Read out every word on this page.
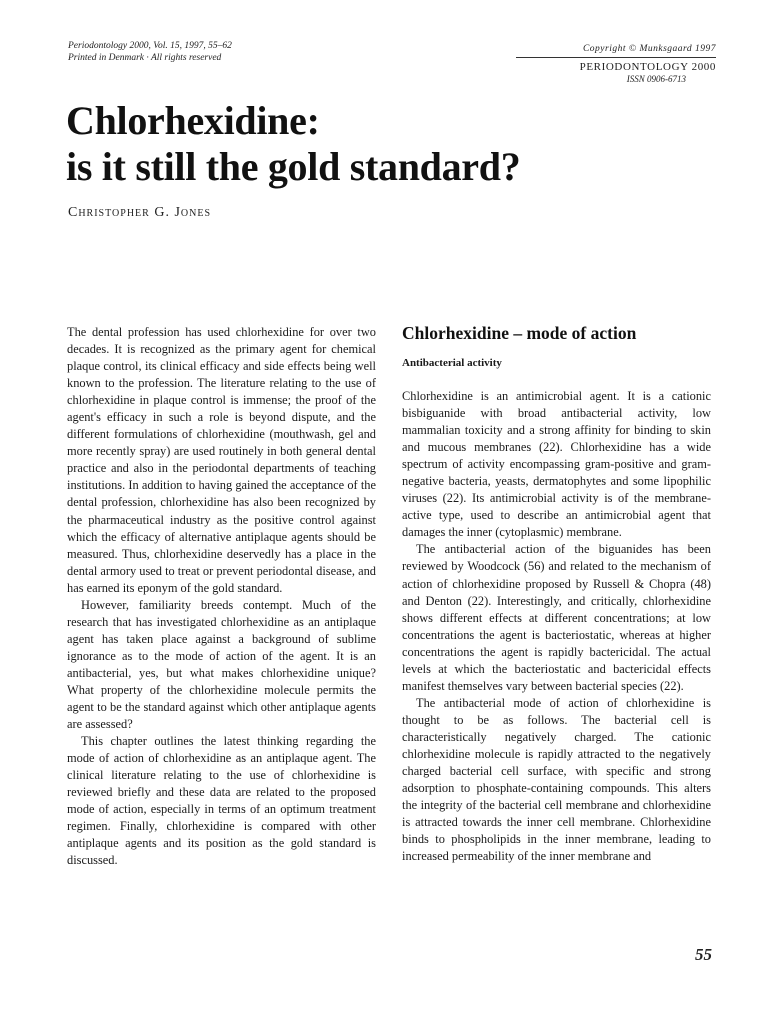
Periodontology 2000, Vol. 15, 1997, 55–62
Printed in Denmark · All rights reserved
Copyright © Munksgaard 1997
PERIODONTOLOGY 2000
ISSN 0906-6713
Chlorhexidine:
is it still the gold standard?
Christopher G. Jones

The dental profession has used chlorhexidine for over two decades. It is recognized as the primary agent for chemical plaque control, its clinical efficacy and side effects being well known to the profession. The literature relating to the use of chlorhexidine in plaque control is immense; the proof of the agent's efficacy in such a role is beyond dispute, and the different formulations of chlorhexidine (mouthwash, gel and more recently spray) are used routinely in both general dental practice and also in the periodontal departments of teaching institutions. In addition to having gained the acceptance of the dental profession, chlorhexidine has also been recognized by the pharmaceutical industry as the positive control against which the efficacy of alternative antiplaque agents should be measured. Thus, chlorhexidine deservedly has a place in the dental armory used to treat or prevent periodontal disease, and has earned its eponym of the gold standard.

However, familiarity breeds contempt. Much of the research that has investigated chlorhexidine as an antiplaque agent has taken place against a background of sublime ignorance as to the mode of action of the agent. It is an antibacterial, yes, but what makes chlorhexidine unique? What property of the chlorhexidine molecule permits the agent to be the standard against which other antiplaque agents are assessed?

This chapter outlines the latest thinking regarding the mode of action of chlorhexidine as an antiplaque agent. The clinical literature relating to the use of chlorhexidine is reviewed briefly and these data are related to the proposed mode of action, especially in terms of an optimum treatment regimen. Finally, chlorhexidine is compared with other antiplaque agents and its position as the gold standard is discussed.

Chlorhexidine – mode of action
Antibacterial activity

Chlorhexidine is an antimicrobial agent. It is a cationic bisbiguanide with broad antibacterial activity, low mammalian toxicity and a strong affinity for binding to skin and mucous membranes (22). Chlorhexidine has a wide spectrum of activity encompassing gram-positive and gram-negative bacteria, yeasts, dermatophytes and some lipophilic viruses (22). Its antimicrobial activity is of the membrane-active type, used to describe an antimicrobial agent that damages the inner (cytoplasmic) membrane.

The antibacterial action of the biguanides has been reviewed by Woodcock (56) and related to the mechanism of action of chlorhexidine proposed by Russell & Chopra (48) and Denton (22). Interestingly, and critically, chlorhexidine shows different effects at different concentrations; at low concentrations the agent is bacteriostatic, whereas at higher concentrations the agent is rapidly bactericidal. The actual levels at which the bacteriostatic and bactericidal effects manifest themselves vary between bacterial species (22).

The antibacterial mode of action of chlorhexidine is thought to be as follows. The bacterial cell is characteristically negatively charged. The cationic chlorhexidine molecule is rapidly attracted to the negatively charged bacterial cell surface, with specific and strong adsorption to phosphate-containing compounds. This alters the integrity of the bacterial cell membrane and chlorhexidine is attracted towards the inner cell membrane. Chlorhexidine binds to phospholipids in the inner membrane, leading to increased permeability of the inner membrane and

55
